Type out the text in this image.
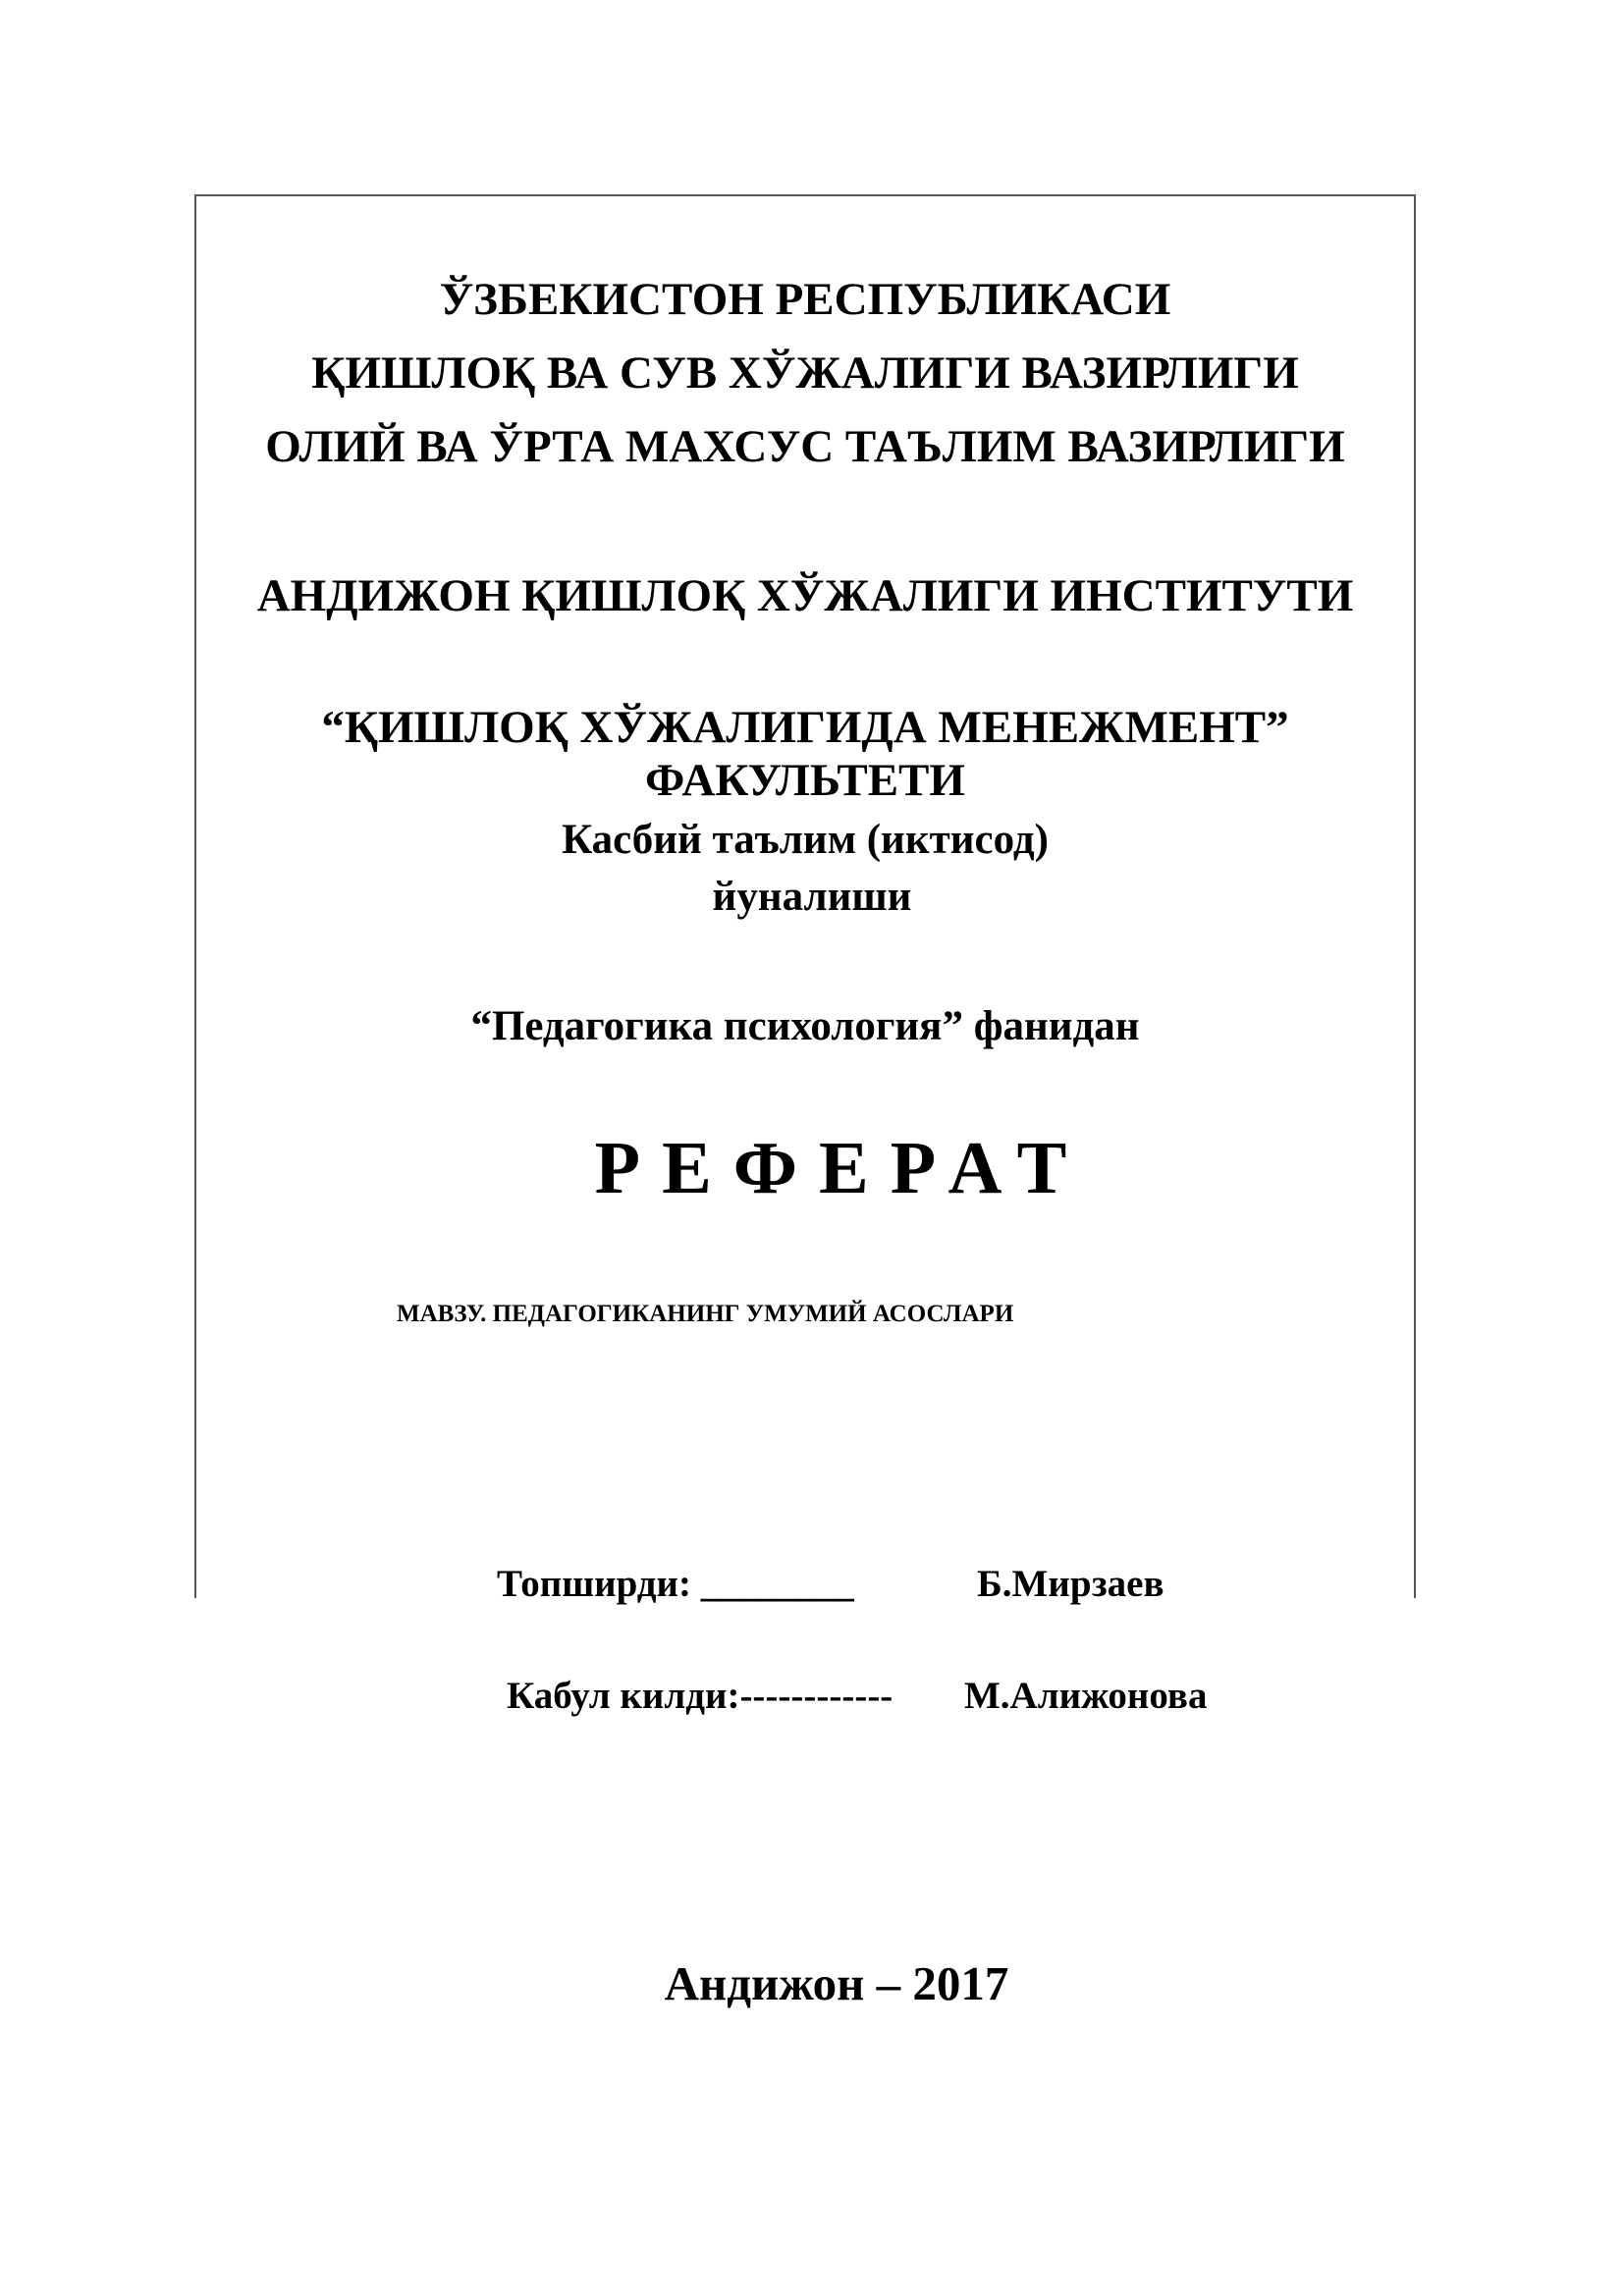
ЎЗБЕКИСТОН РЕСПУБЛИКАСИ
ҚИШЛОҚ ВА СУВ ХЎЖАЛИГИ ВАЗИРЛИГИ
ОЛИЙ ВА ЎРТА МАХСУС ТАЪЛИМ ВАЗИРЛИГИ
АНДИЖОН ҚИШЛОҚ ХЎЖАЛИГИ ИНСТИТУТИ
“ҚИШЛОҚ ХЎЖАЛИГИДА МЕНЕЖМЕНТ”
ФАКУЛЬТЕТИ
Касбий таълим (иктисод)
йуналиши
“Педагогика психология” фанидан
РЕФЕРАТ
МАВЗУ. ПЕДАГОГИКАНИНГ УМУМИЙ АСОСЛАРИ
Топширди: ________	Б.Мирзаев
Кабул килди:------------	М.Алижонова
Андижон – 2017
